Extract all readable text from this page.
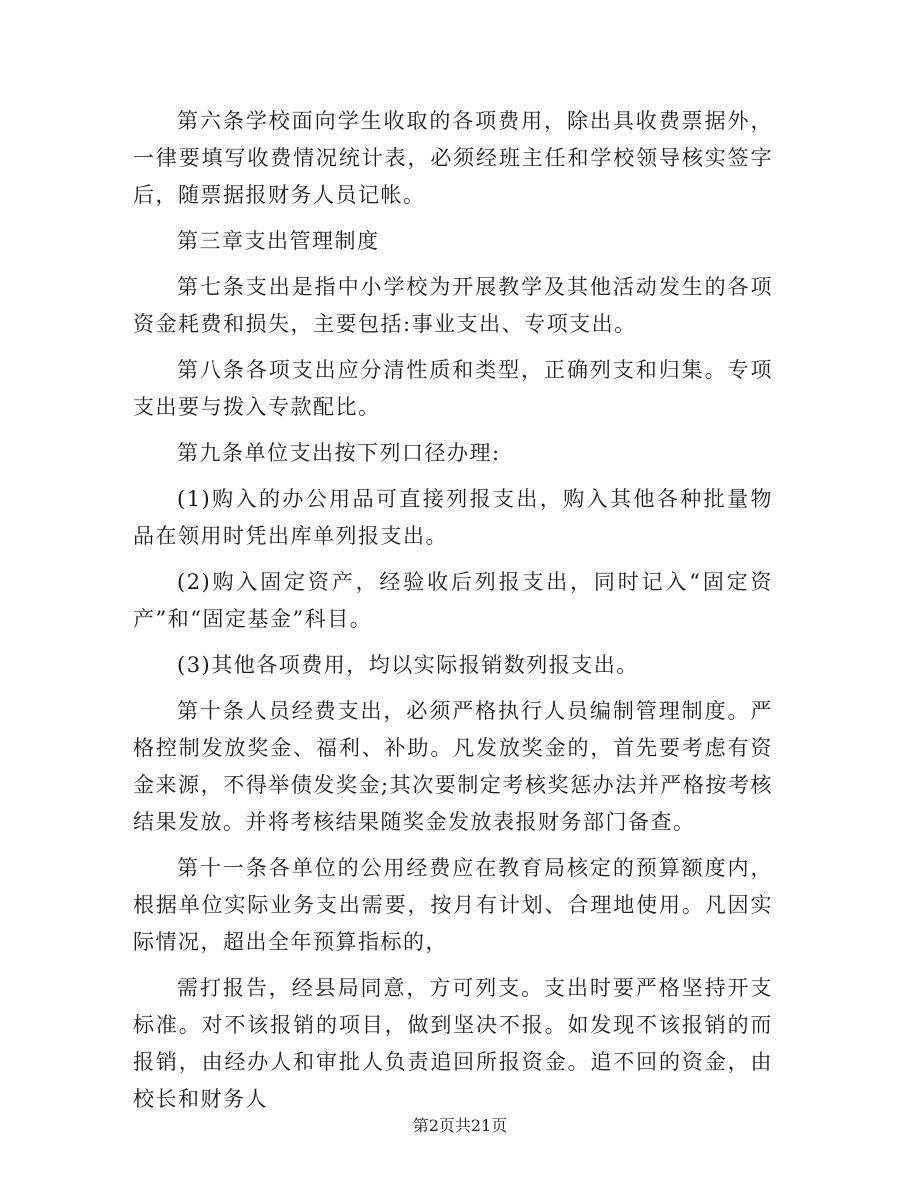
第六条学校面向学生收取的各项费用，除出具收费票据外，一律要填写收费情况统计表，必须经班主任和学校领导核实签字后，随票据报财务人员记帐。

第三章支出管理制度

第七条支出是指中小学校为开展教学及其他活动发生的各项资金耗费和损失，主要包括:事业支出、专项支出。

第八条各项支出应分清性质和类型，正确列支和归集。专项支出要与拨入专款配比。

第九条单位支出按下列口径办理:

(1)购入的办公用品可直接列报支出，购入其他各种批量物品在领用时凭出库单列报支出。

(2)购入固定资产，经验收后列报支出，同时记入“固定资产”和“固定基金”科目。

(3)其他各项费用，均以实际报销数列报支出。

第十条人员经费支出，必须严格执行人员编制管理制度。严格控制发放奖金、福利、补助。凡发放奖金的，首先要考虑有资金来源，不得举债发奖金;其次要制定考核奖惩办法并严格按考核结果发放。并将考核结果随奖金发放表报财务部门备查。

第十一条各单位的公用经费应在教育局核定的预算额度内，根据单位实际业务支出需要，按月有计划、合理地使用。凡因实际情况，超出全年预算指标的，

需打报告，经县局同意，方可列支。支出时要严格坚持开支标准。对不该报销的项目，做到坚决不报。如发现不该报销的而报销，由经办人和审批人负责追回所报资金。追不回的资金，由校长和财务人

第2页共21页
